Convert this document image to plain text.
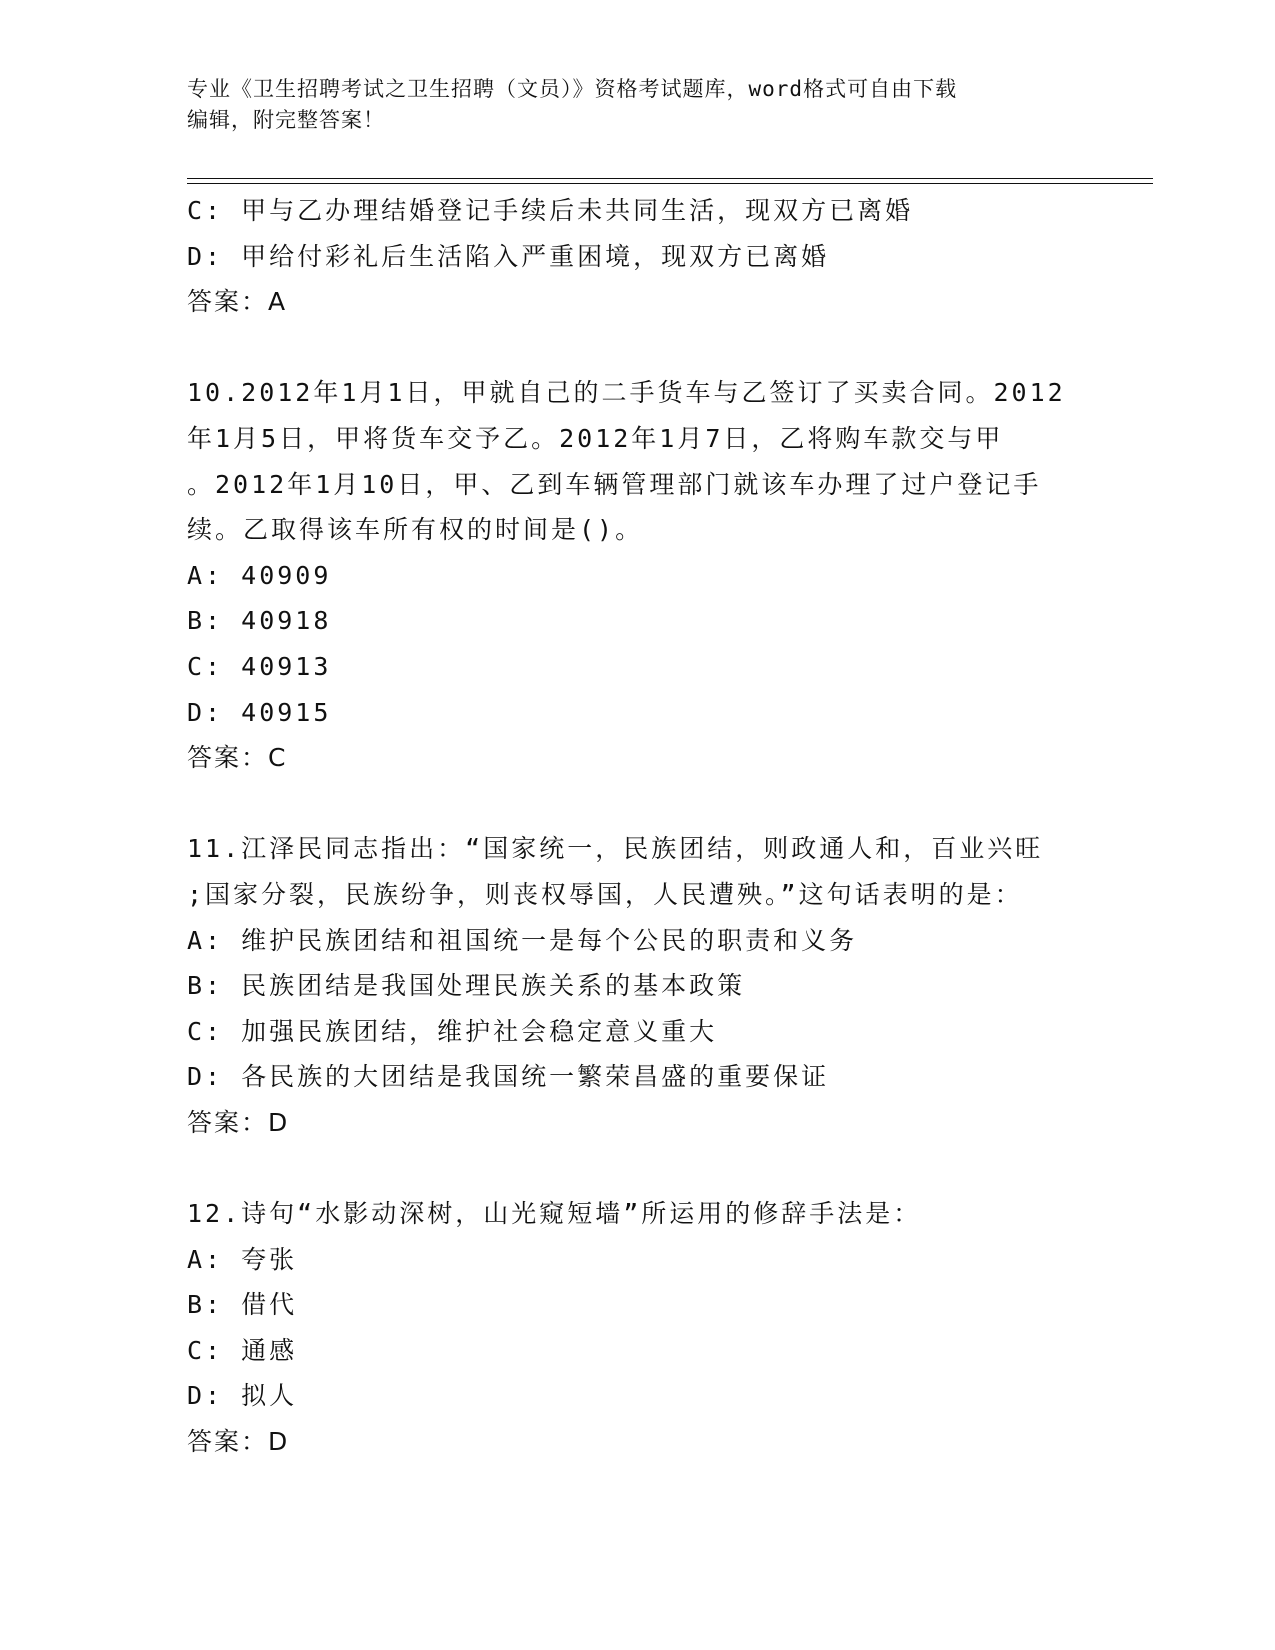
专业《卫生招聘考试之卫生招聘（文员）》资格考试题库，word格式可自由下载
编辑，附完整答案！
C: 甲与乙办理结婚登记手续后未共同生活，现双方已离婚
D: 甲给付彩礼后生活陷入严重困境，现双方已离婚
答案：A
10.2012年1月1日，甲就自己的二手货车与乙签订了买卖合同。2012
年1月5日，甲将货车交予乙。2012年1月7日，乙将购车款交与甲
。2012年1月10日，甲、乙到车辆管理部门就该车办理了过户登记手
续。乙取得该车所有权的时间是()。
A: 40909
B: 40918
C: 40913
D: 40915
答案：C
11.江泽民同志指出：“国家统一，民族团结，则政通人和，百业兴旺
;国家分裂，民族纷争，则丧权辱国，人民遭殃。”这句话表明的是：
A: 维护民族团结和祖国统一是每个公民的职责和义务
B: 民族团结是我国处理民族关系的基本政策
C: 加强民族团结，维护社会稳定意义重大
D: 各民族的大团结是我国统一繁荣昌盛的重要保证
答案：D
12.诗句“水影动深树，山光窥短墙”所运用的修辞手法是：
A: 夸张
B: 借代
C: 通感
D: 拟人
答案：D
